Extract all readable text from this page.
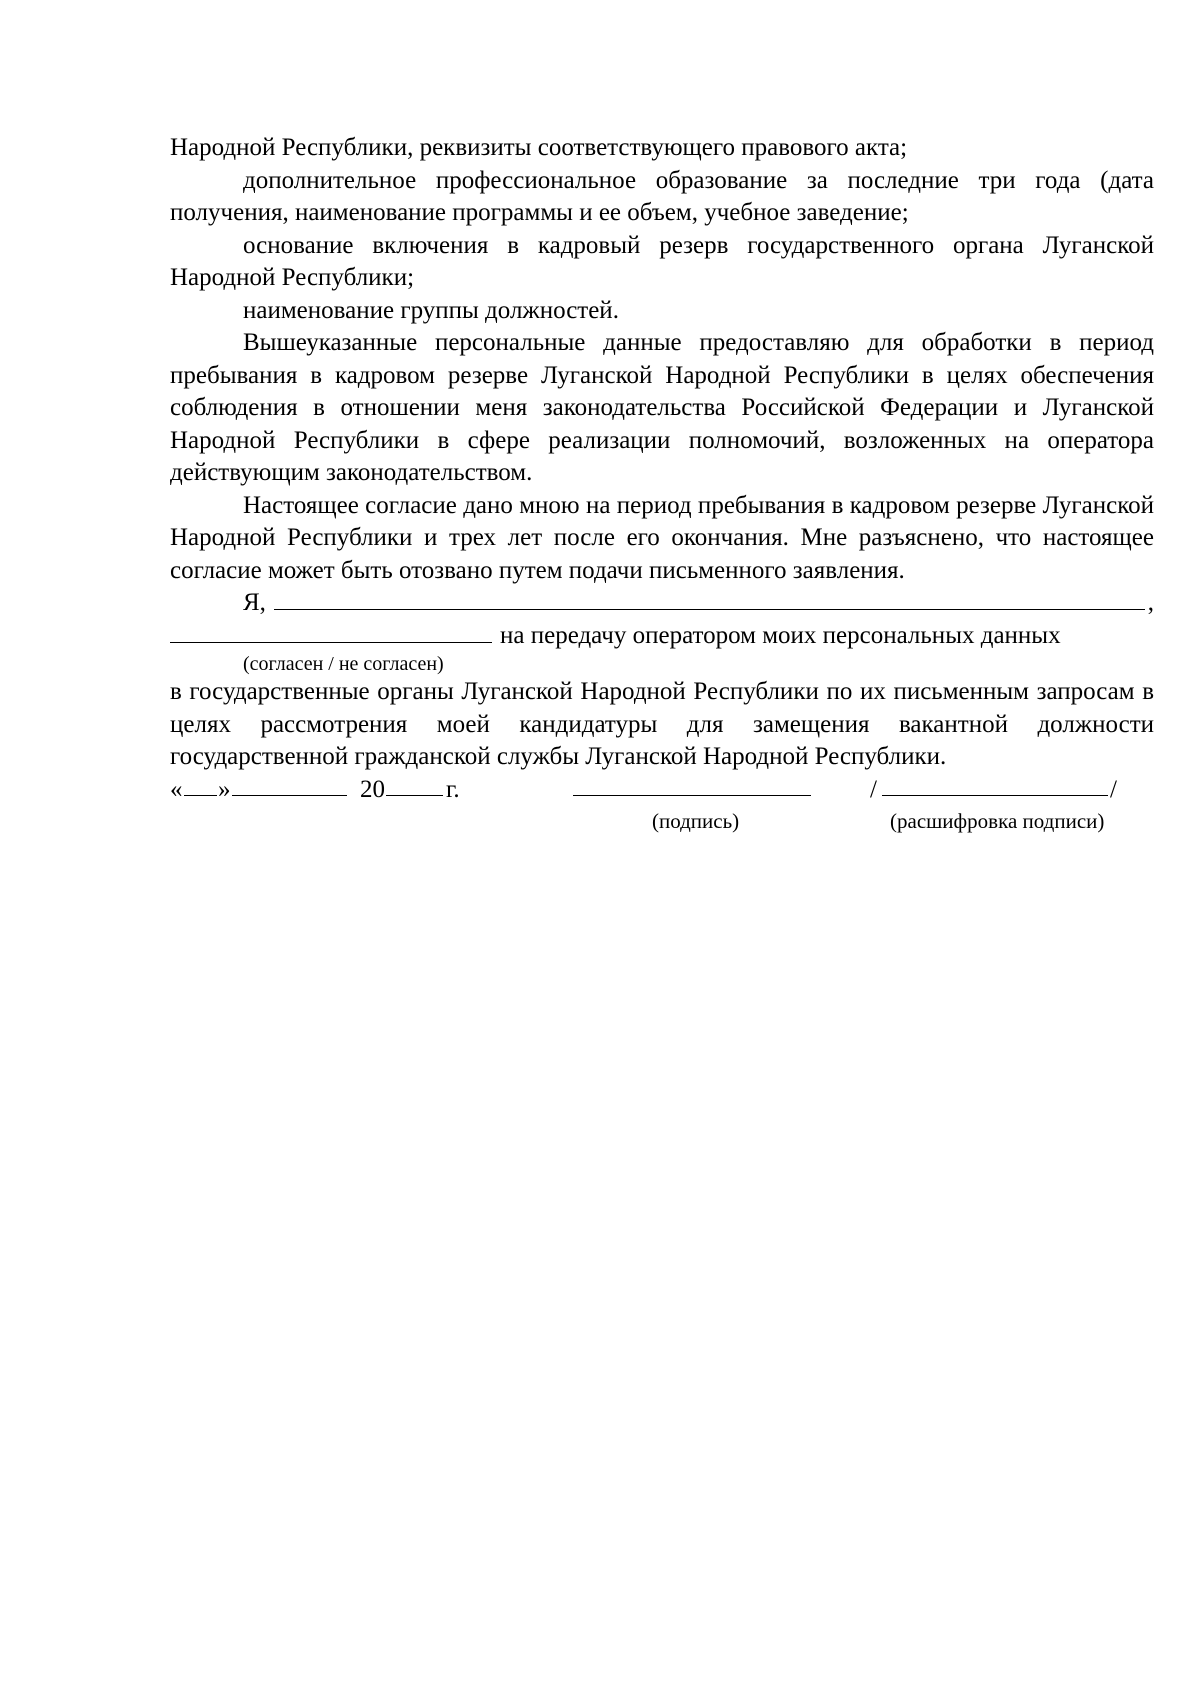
Народной Республики, реквизиты соответствующего правового акта;

дополнительное профессиональное образование за последние три года (дата получения, наименование программы и ее объем, учебное заведение;

основание включения в кадровый резерв государственного органа Луганской Народной Республики;

наименование группы должностей.

Вышеуказанные персональные данные предоставляю для обработки в период пребывания в кадровом резерве Луганской Народной Республики в целях обеспечения соблюдения в отношении меня законодательства Российской Федерации и Луганской Народной Республики в сфере реализации полномочий, возложенных на оператора действующим законодательством.

Настоящее согласие дано мною на период пребывания в кадровом резерве Луганской Народной Республики и трех лет после его окончания. Мне разъяснено, что настоящее согласие может быть отозвано путем подачи письменного заявления.

Я,	,
на передачу оператором моих персональных данных
(согласен / не согласен)

в государственные органы Луганской Народной Республики по их письменным запросам в целях рассмотрения моей кандидатуры для замещения вакантной должности государственной гражданской службы Луганской Народной Республики.

« »	20 г.	/	/
(подпись)	(расшифровка подписи)
